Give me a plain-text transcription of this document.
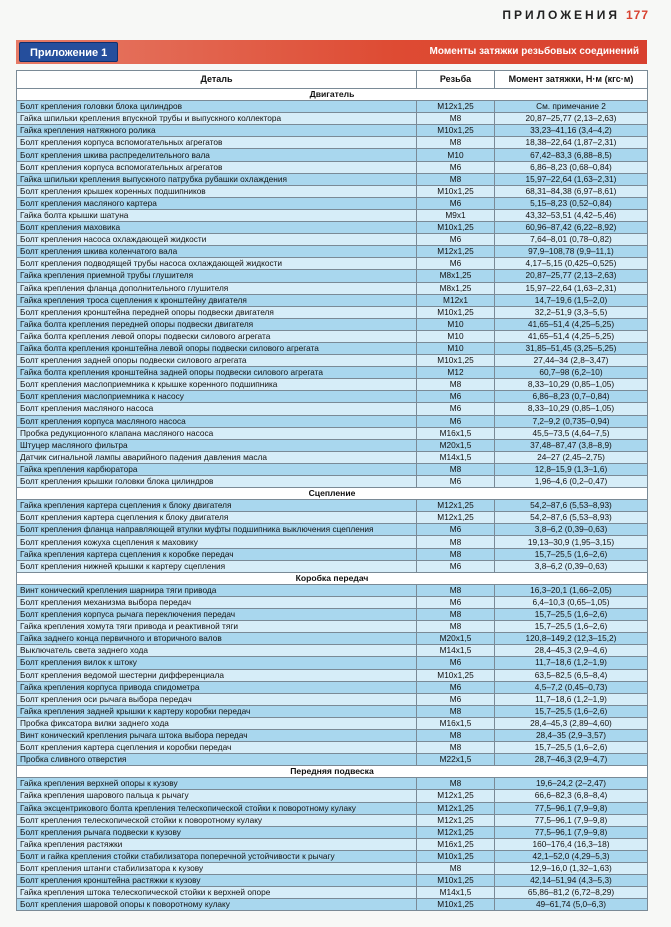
ПРИЛОЖЕНИЯ 177
Приложение 1	Моменты затяжки резьбовых соединений
Деталь	Резьба	Момент затяжки, Н·м (кгс·м)
Двигатель		
Болт крепления головки блока цилиндров	M12x1,25	См. примечание 2
Гайка шпильки крепления впускной трубы и выпускного коллектора	M8	20,87–25,77 (2,13–2,63)
Гайка крепления натяжного ролика	M10x1,25	33,23–41,16 (3,4–4,2)
Болт крепления корпуса вспомогательных агрегатов	M8	18,38–22,64 (1,87–2,31)
Болт крепления шкива распределительного вала	M10	67,42–83,3 (6,88–8,5)
Болт крепления корпуса вспомогательных агрегатов	M6	6,86–8,23 (0,68–0,84)
Гайка шпильки крепления выпускного патрубка рубашки охлаждения	M8	15,97–22,64 (1,63–2,31)
Болт крепления крышек коренных подшипников	M10x1,25	68,31–84,38 (6,97–8,61)
Болт крепления масляного картера	M6	5,15–8,23 (0,52–0,84)
Гайка болта крышки шатуна	M9x1	43,32–53,51 (4,42–5,46)
Болт крепления маховика	M10x1,25	60,96–87,42 (6,22–8,92)
Болт крепления насоса охлаждающей жидкости	M6	7,64–8,01 (0,78–0,82)
Болт крепления шкива коленчатого вала	M12x1,25	97,9–108,78 (9,9–11,1)
Болт крепления подводящей трубы насоса охлаждающей жидкости	M6	4,17–5,15 (0,425–0,525)
Гайка крепления приемной трубы глушителя	M8x1,25	20,87–25,77 (2,13–2,63)
Гайка крепления фланца дополнительного глушителя	M8x1,25	15,97–22,64 (1,63–2,31)
Гайка крепления троса сцепления к кронштейну двигателя	M12x1	14,7–19,6 (1,5–2,0)
Болт крепления кронштейна передней опоры подвески двигателя	M10x1,25	32,2–51,9 (3,3–5,5)
Гайка болта крепления передней опоры подвески двигателя	M10	41,65–51,4 (4,25–5,25)
Гайка болта крепления левой опоры подвески силового агрегата	M10	41,65–51,4 (4,25–5,25)
Гайка болта крепления кронштейна левой опоры подвески силового агрегата	M10	31,85–51,45 (3,25–5,25)
Болт крепления задней опоры подвески силового агрегата	M10x1,25	27,44–34 (2,8–3,47)
Гайка болта крепления кронштейна задней опоры подвески силового агрегата	M12	60,7–98 (6,2–10)
Болт крепления маслоприемника к крышке коренного подшипника	M8	8,33–10,29 (0,85–1,05)
Болт крепления маслоприемника к насосу	M6	6,86–8,23 (0,7–0,84)
Болт крепления масляного насоса	M6	8,33–10,29 (0,85–1,05)
Болт крепления корпуса масляного насоса	M6	7,2–9,2 (0,735–0,94)
Пробка редукционного клапана масляного насоса	M16x1,5	45,5–73,5 (4,64–7,5)
Штуцер масляного фильтра	M20x1,5	37,48–87,47 (3,8–8,9)
Датчик сигнальной лампы аварийного падения давления масла	M14x1,5	24–27 (2,45–2,75)
Гайка крепления карбюратора	M8	12,8–15,9 (1,3–1,6)
Болт крепления крышки головки блока цилиндров	M6	1,96–4,6 (0,2–0,47)
Сцепление		
Гайка крепления картера сцепления к блоку двигателя	M12x1,25	54,2–87,6 (5,53–8,93)
Болт крепления картера сцепления к блоку двигателя	M12x1,25	54,2–87,6 (5,53–8,93)
Болт крепления фланца направляющей втулки муфты подшипника выключения сцепления	M6	3,8–6,2 (0,39–0,63)
Болт крепления кожуха сцепления к маховику	M8	19,13–30,9 (1,95–3,15)
Гайка крепления картера сцепления к коробке передач	M8	15,7–25,5 (1,6–2,6)
Болт крепления нижней крышки к картеру сцепления	M6	3,8–6,2 (0,39–0,63)
Коробка передач		
Винт конический крепления шарнира тяги привода	M8	16,3–20,1 (1,66–2,05)
Болт крепления механизма выбора передач	M6	6,4–10,3 (0,65–1,05)
Болт крепления корпуса рычага переключения передач	M8	15,7–25,5 (1,6–2,6)
Гайка крепления хомута тяги привода и реактивной тяги	M8	15,7–25,5 (1,6–2,6)
Гайка заднего конца первичного и вторичного валов	M20x1,5	120,8–149,2 (12,3–15,2)
Выключатель света заднего хода	M14x1,5	28,4–45,3 (2,9–4,6)
Болт крепления вилок к штоку	M6	11,7–18,6 (1,2–1,9)
Болт крепления ведомой шестерни дифференциала	M10x1,25	63,5–82,5 (6,5–8,4)
Гайка крепления корпуса привода спидометра	M6	4,5–7,2 (0,45–0,73)
Болт крепления оси рычага выбора передач	M6	11,7–18,6 (1,2–1,9)
Гайка крепления задней крышки к картеру коробки передач	M8	15,7–25,5 (1,6–2,6)
Пробка фиксатора вилки заднего хода	M16x1,5	28,4–45,3 (2,89–4,60)
Винт конический крепления рычага штока выбора передач	M8	28,4–35 (2,9–3,57)
Болт крепления картера сцепления и коробки передач	M8	15,7–25,5 (1,6–2,6)
Пробка сливного отверстия	M22x1,5	28,7–46,3 (2,9–4,7)
Передняя подвеска		
Гайка крепления верхней опоры к кузову	M8	19,6–24,2 (2–2,47)
Гайка крепления шарового пальца к рычагу	M12x1,25	66,6–82,3 (6,8–8,4)
Гайка эксцентрикового болта крепления телескопической стойки к поворотному кулаку	M12x1,25	77,5–96,1 (7,9–9,8)
Болт крепления телескопической стойки к поворотному кулаку	M12x1,25	77,5–96,1 (7,9–9,8)
Болт крепления рычага подвески к кузову	M12x1,25	77,5–96,1 (7,9–9,8)
Гайка крепления растяжки	M16x1,25	160–176,4 (16,3–18)
Болт и гайка крепления стойки стабилизатора поперечной устойчивости к рычагу	M10x1,25	42,1–52,0 (4,29–5,3)
Болт крепления штанги стабилизатора к кузову	M8	12,9–16,0 (1,32–1,63)
Болт крепления кронштейна растяжки к кузову	M10x1,25	42,14–51,94 (4,3–5,3)
Гайка крепления штока телескопической стойки к верхней опоре	M14x1,5	65,86–81,2 (6,72–8,29)
Болт крепления шаровой опоры к поворотному кулаку	M10x1,25	49–61,74 (5,0–6,3)
